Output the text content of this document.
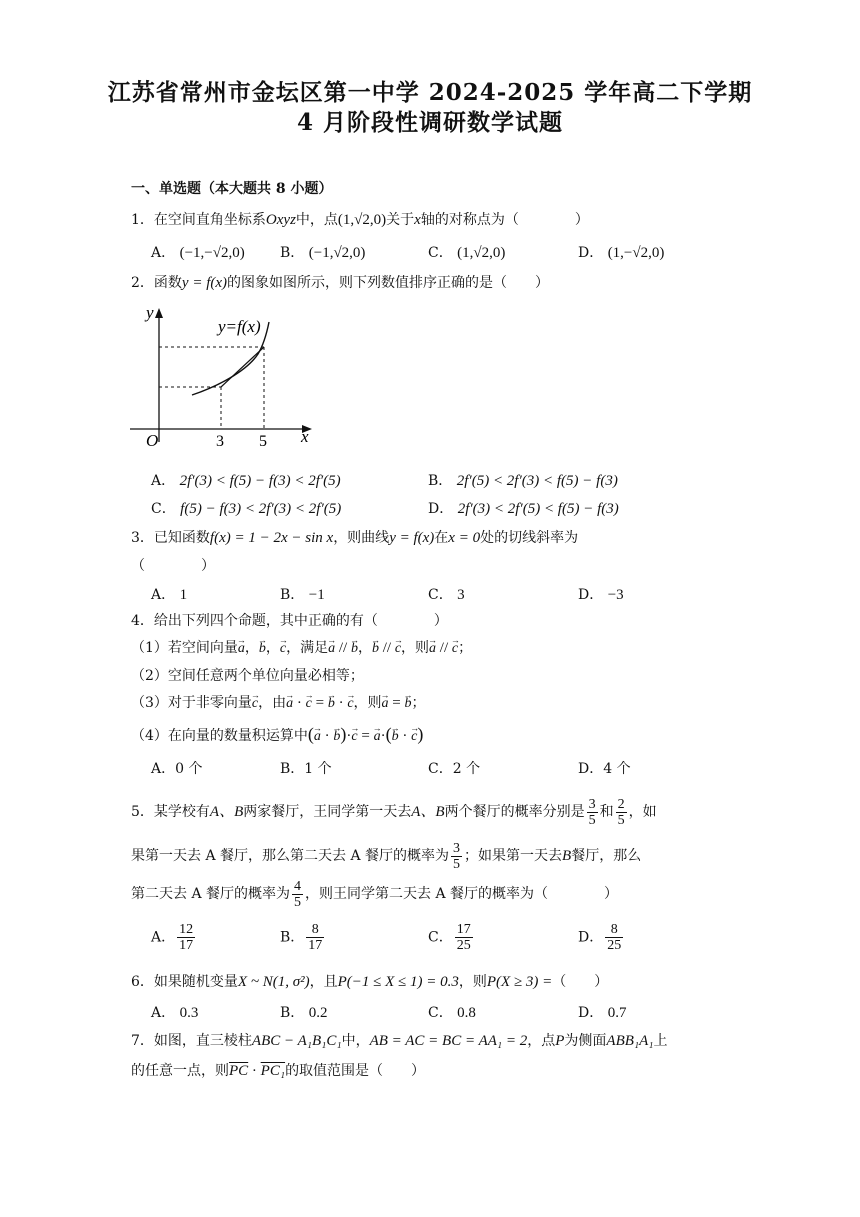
江苏省常州市金坛区第一中学 2024-2025 学年高二下学期
4 月阶段性调研数学试题
一、单选题（本大题共 8 小题）
1．在空间直角坐标系Oxyz中，点(1,√2,0)关于x轴的对称点为（　　　　）
A． (−1,−√2,0)	B． (−1,√2,0)	C． (1,√2,0)	D． (1,−√2,0)
2．函数y = f(x)的图象如图所示，则下列数值排序正确的是（　　）
y
x
O	3 5
y=f(x)
A． 2f′(3) < f(5) − f(3) < 2f′(5)	B． 2f′(5) < 2f′(3) < f(5) − f(3)
C． f(5) − f(3) < 2f′(3) < 2f′(5)	D． 2f′(3) < 2f′(5) < f(5) − f(3)
3．已知函数f(x) = 1 − 2x − sin x，则曲线y = f(x)在x = 0处的切线斜率为
（　　　　）
A． 1	B． −1	C． 3	D． −3
4．给出下列四个命题，其中正确的有（　　　　）
（1）若空间向量→ a，→ b，→ c，满足→ a // → b，→ b // → c，则→ a // → c；
（2）空间任意两个单位向量必相等；
（3）对于非零向量→ c，由→ a · → c = → b · → c，则→ a = → b；
（4）在向量的数量积运算中(→ a · → b)·→ c = → a·(→ b · → c)
A．0 个	B．1 个	C．2 个	D．4 个
5．某学校有A、B两家餐厅，王同学第一天去A、B两个餐厅的概率分别是 $\frac{3}{5}$ 和 $\frac{2}{5}$ ，如
果第一天去 A 餐厅，那么第二天去 A 餐厅的概率为 $\frac{3}{5}$ ；如果第一天去B餐厅，那么
第二天去 A 餐厅的概率为 $\frac{4}{5}$ ，则王同学第二天去 A 餐厅的概率为（　　　　）
A． $\frac{12}{17}$	B． $\frac{8}{17}$	C． $\frac{17}{25}$	D． $\frac{8}{25}$
6．如果随机变量X ~ N(1, σ²)，且P(−1 ≤ X ≤ 1) = 0.3，则P(X ≥ 3) =（　　）
A． 0.3	B． 0.2	C． 0.8	D． 0.7
7．如图，直三棱柱ABC − A₁B₁C₁中，AB = AC = BC = AA₁ = 2，点P为侧面ABB₁A₁上
的任意一点，则$\overline{PC} \cdot PC_1$的取值范围是（　　）
